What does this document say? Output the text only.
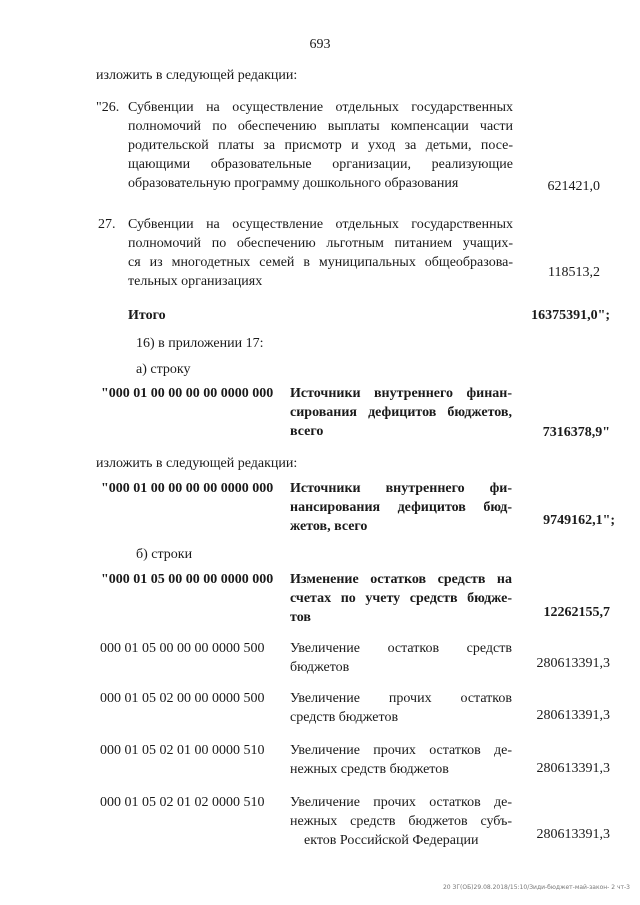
693
изложить в следующей редакции:
"26. Субвенции на осуществление отдельных государственных
полномочий по обеспечению выплаты компенсации части
родительской платы за присмотр и уход за детьми, посе-
щающими образовательные организации, реализующие
образовательную программу дошкольного образования	621421,0
27. Субвенции на осуществление отдельных государственных
полномочий по обеспечению льготным питанием учащих-
ся из многодетных семей в муниципальных общеобразова-
тельных организациях
118513,2
Итого	16375391,0";
16) в приложении 17:
а) строку
"000 01 00 00 00 00 0000 000 Источники внутреннего финан-
сирования дефицитов бюджетов,
всего	7316378,9"
изложить в следующей редакции:
"000 01 00 00 00 00 0000 000 Источники внутреннего фи-
нансирования дефицитов бюд-
жетов, всего	9749162,1";
б) строки
"000 01 05 00 00 00 0000 000 Изменение остатков средств на
счетах по учету средств бюдже-
тов	12262155,7
000 01 05 00 00 00 0000 500 Увеличение остатков средств
бюджетов	280613391,3
000 01 05 02 00 00 0000 500 Увеличение прочих остатков
средств бюджетов	280613391,3
000 01 05 02 01 00 0000 510 Увеличение прочих остатков де-
нежных средств бюджетов	280613391,3
000 01 05 02 01 02 0000 510 Увеличение прочих остатков де-
нежных средств бюджетов субъ-
ектов Российской Федерации	280613391,3
20 ЗГ(ОБ)29.08.2018/15:10/Зиди-бюджет-май-закон- 2 чт-3
